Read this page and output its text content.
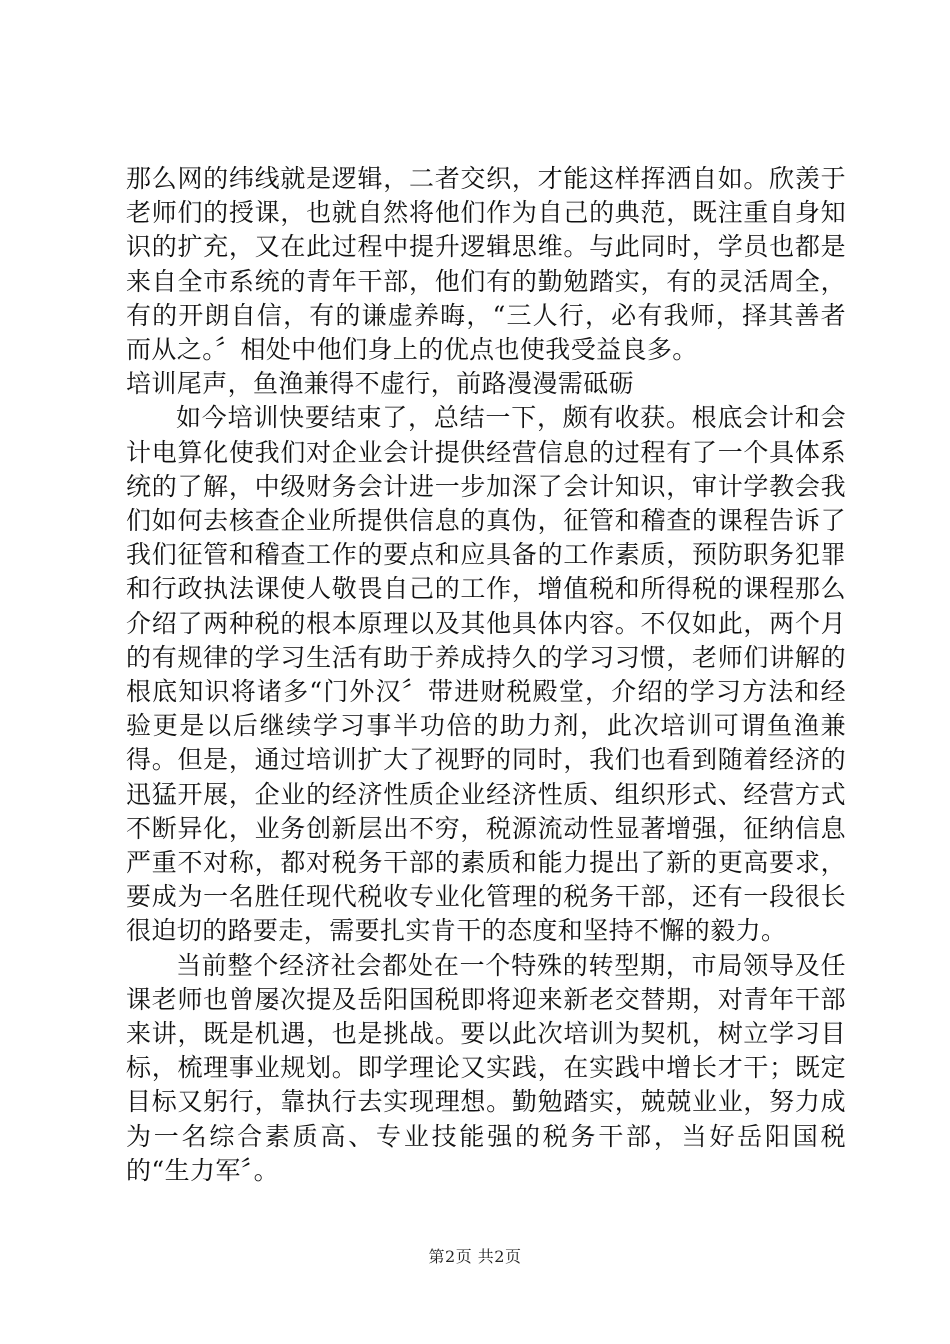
那么网的纬线就是逻辑，二者交织，才能这样挥洒自如。欣羡于老师们的授课，也就自然将他们作为自己的典范，既注重自身知识的扩充，又在此过程中提升逻辑思维。与此同时，学员也都是来自全市系统的青年干部，他们有的勤勉踏实，有的灵活周全，有的开朗自信，有的谦虚养晦，“三人行，必有我师，择其善者而从之。〞相处中他们身上的优点也使我受益良多。

培训尾声，鱼渔兼得不虚行，前路漫漫需砥砺

如今培训快要结束了，总结一下，颇有收获。根底会计和会计电算化使我们对企业会计提供经营信息的过程有了一个具体系统的了解，中级财务会计进一步加深了会计知识，审计学教会我们如何去核查企业所提供信息的真伪，征管和稽查的课程告诉了我们征管和稽查工作的要点和应具备的工作素质，预防职务犯罪和行政执法课使人敬畏自己的工作，增值税和所得税的课程那么介绍了两种税的根本原理以及其他具体内容。不仅如此，两个月的有规律的学习生活有助于养成持久的学习习惯，老师们讲解的根底知识将诸多“门外汉〞带进财税殿堂，介绍的学习方法和经验更是以后继续学习事半功倍的助力剂，此次培训可谓鱼渔兼得。但是，通过培训扩大了视野的同时，我们也看到随着经济的迅猛开展，企业的经济性质企业经济性质、组织形式、经营方式不断异化，业务创新层出不穷，税源流动性显著增强，征纳信息严重不对称，都对税务干部的素质和能力提出了新的更高要求，要成为一名胜任现代税收专业化管理的税务干部，还有一段很长很迫切的路要走，需要扎实肯干的态度和坚持不懈的毅力。

当前整个经济社会都处在一个特殊的转型期，市局领导及任课老师也曾屡次提及岳阳国税即将迎来新老交替期，对青年干部来讲，既是机遇，也是挑战。要以此次培训为契机，树立学习目标，梳理事业规划。即学理论又实践，在实践中增长才干；既定目标又躬行，靠执行去实现理想。勤勉踏实，兢兢业业，努力成为一名综合素质高、专业技能强的税务干部，当好岳阳国税的“生力军〞。

第2页 共2页
